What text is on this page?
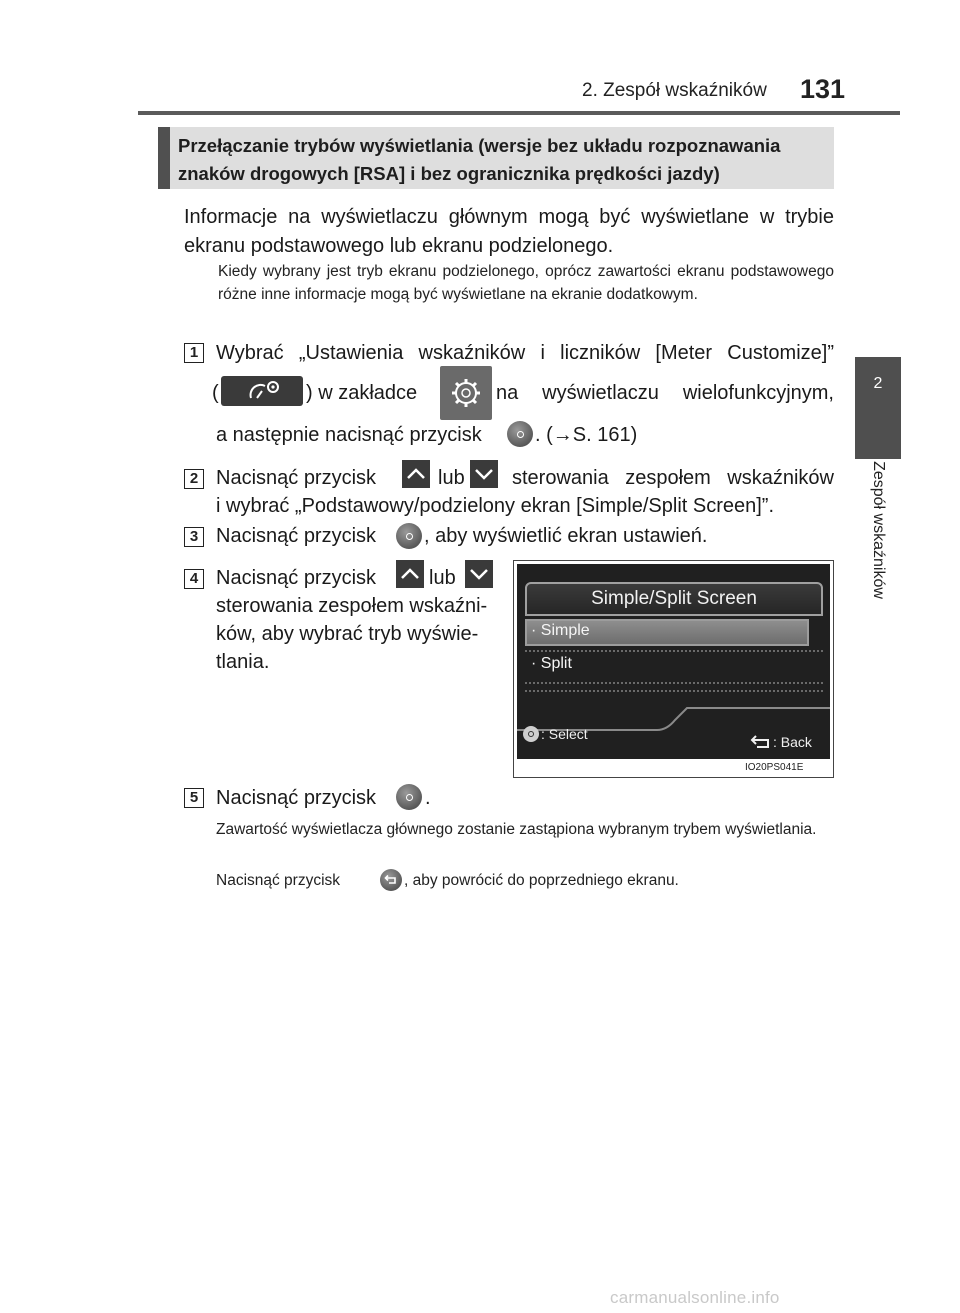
2. Zespół wskaźników 131
2
Zespół wskaźników
Przełączanie trybów wyświetlania (wersje bez układu rozpoznawania znaków drogowych [RSA] i bez ogranicznika prędkości jazdy)
Informacje na wyświetlaczu głównym mogą być wyświetlane w trybie ekranu podstawowego lub ekranu podzielonego.
Kiedy wybrany jest tryb ekranu podzielonego, oprócz zawartości ekranu podstawowego różne inne informacje mogą być wyświetlane na ekranie dodatkowym.
1 Wybrać „Ustawienia wskaźników i liczników [Meter Customize]”
(	) w zakładce	na wyświetlaczu wielofunkcyjnym,
a następnie nacisnąć przycisk	. (→S. 161)
2 Nacisnąć przycisk	lub sterowania zespołem wskaźników
i wybrać „Podstawowy/podzielony ekran [Simple/Split Screen]”.
3 Nacisnąć przycisk , aby wyświetlić ekran ustawień.
4 Nacisnąć przycisk	lub
sterowania zespołem wskaźni-
ków, aby wybrać tryb wyświe-
tlania.
Simple/Split Screen
· Simple
· Split
: Select	: Back
IO20PS041E
5 Nacisnąć przycisk .
Zawartość wyświetlacza głównego zostanie zastąpiona wybranym trybem wyświetlania.
Nacisnąć przycisk	, aby powrócić do poprzedniego ekranu.
carmanualsonline.info
